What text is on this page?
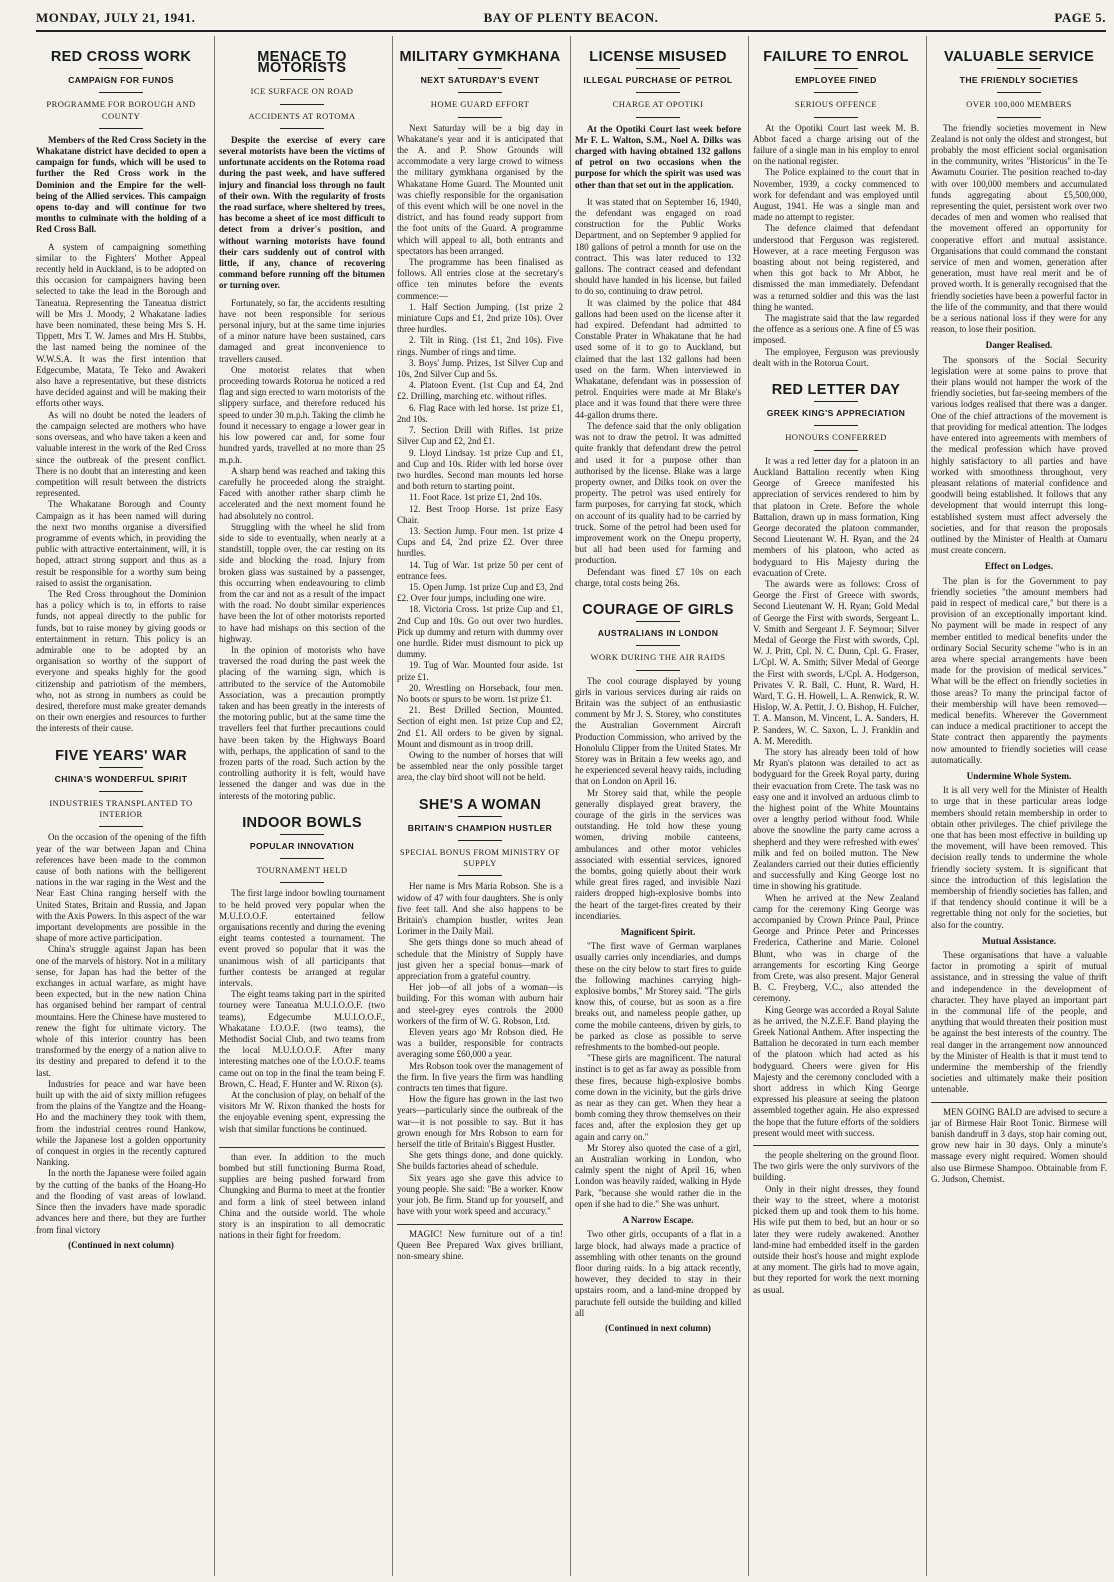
MONDAY, JULY 21, 1941.	BAY OF PLENTY BEACON.	PAGE 5.
RED CROSS WORK
CAMPAIGN FOR FUNDS
PROGRAMME FOR BOROUGH AND COUNTY

Members of the Red Cross Society in the Whakatane district have decided to open a campaign for funds, which will be used to further the Red Cross work in the Dominion and the Empire for the well-being of the Allied services. This campaign opens to-day and will continue for two months to culminate with the holding of a Red Cross Ball.

A system of campaigning something similar to the Fighters' Mother Appeal recently held in Auckland, is to be adopted on this occasion for campaigners having been selected to take the lead in the Borough and Taneatua. Representing the Taneatua district will be Mrs J. Moody, 2 Whakatane ladies have been nominated, these being Mrs S. H. Tippett, Mrs T. W. James and Mrs H. Stubbs, the last named being the nominee of the W.W.S.A. It was the first intention that Edgecumbe, Matata, Te Teko and Awakeri also have a representative, but these districts have decided against and will be making their efforts other ways.

As will no doubt be noted the leaders of the campaign selected are mothers who have sons overseas, and who have taken a keen and valuable interest in the work of the Red Cross since the outbreak of the present conflict. There is no doubt that an interesting and keen competition will result between the districts represented.

The Whakatane Borough and County Campaign as it has been named will during the next two months organise a diversified programme of events which, in providing the public with attractive entertainment, will, it is hoped, attract strong support and thus as a result be responsible for a worthy sum being raised to assist the organisation.

The Red Cross throughout the Dominion has a policy which is to, in efforts to raise funds, not appeal directly to the public for funds, but to raise money by giving goods or entertainment in return. This policy is an admirable one to be adopted by an organisation so worthy of the support of everyone and speaks highly for the good citizenship and patriotism of the members, who, not as strong in numbers as could be desired, therefore must make greater demands on their own energies and resources to further the interests of their cause.

FIVE YEARS' WAR
CHINA'S WONDERFUL SPIRIT
INDUSTRIES TRANSPLANTED TO INTERIOR

On the occasion of the opening of the fifth year of the war between Japan and China references have been made to the common cause of both nations with the belligerent nations in the war raging in the West and the Near East China ranging herself with the United States, Britain and Russia, and Japan with the Axis Powers. In this aspect of the war important developments are possible in the shape of more active participation.

China's struggle against Japan has been one of the marvels of history. Not in a military sense, for Japan has had the better of the exchanges in actual warfare, as might have been expected, but in the new nation China has organised behind her rampart of central mountains. Here the Chinese have mustered to renew the fight for ultimate victory. The whole of this interior country has been transformed by the energy of a nation alive to its destiny and prepared to defend it to the last.

Industries for peace and war have been built up with the aid of sixty million refugees from the plains of the Yangtze and the Hoang-Ho and the machinery they took with them, from the industrial centres round Hankow, while the Japanese lost a golden opportunity of conquest in orgies in the recently captured Nanking.

In the north the Japanese were foiled again by the cutting of the banks of the Hoang-Ho and the flooding of vast areas of lowland. Since then the invaders have made sporadic advances here and there, but they are further from final victory

(Continued in next column)
MENACE TO MOTORISTS
ICE SURFACE ON ROAD
ACCIDENTS AT ROTOMA

Despite the exercise of every care several motorists have been the victims of unfortunate accidents on the Rotoma road during the past week, and have suffered injury and financial loss through no fault of their own. With the regularity of frosts the road surface, where sheltered by trees, has become a sheet of ice most difficult to detect from a driver's position, and without warning motorists have found their cars suddenly out of control with little, if any, chance of recovering command before running off the bitumen or turning over.

Fortunately, so far, the accidents resulting have not been responsible for serious personal injury, but at the same time injuries of a minor nature have been sustained, cars damaged and great inconvenience to travellers caused.

One motorist relates that when proceeding towards Rotorua he noticed a red flag and sign erected to warn motorists of the slippery surface, and therefore reduced his speed to under 30 m.p.h. Taking the climb he found it necessary to engage a lower gear in his low powered car and, for some four hundred yards, travelled at no more than 25 m.p.h.

A sharp bend was reached and taking this carefully he proceeded along the straight. Faced with another rather sharp climb he accelerated and the next moment found he had absolutely no control.

Struggling with the wheel he slid from side to side to eventually, when nearly at a standstill, topple over, the car resting on its side and blocking the road. Injury from broken glass was sustained by a passenger, this occurring when endeavouring to climb from the car and not as a result of the impact with the road. No doubt similar experiences have been the lot of other motorists reported to have had mishaps on this section of the highway.

In the opinion of motorists who have traversed the road during the past week the placing of the warning sign, which is attributed to the service of the Automobile Association, was a precaution promptly taken and has been greatly in the interests of the motoring public, but at the same time the travellers feel that further precautions could have been taken by the Highways Board with, perhaps, the application of sand to the frozen parts of the road. Such action by the controlling authority it is felt, would have lessened the danger and was due in the interests of the motoring public.

INDOOR BOWLS
POPULAR INNOVATION
TOURNAMENT HELD

The first large indoor bowling tournament to be held proved very popular when the M.U.I.O.O.F. entertained fellow organisations recently and during the evening eight teams contested a tournament. The event proved so popular that it was the unanimous wish of all participants that further contests be arranged at regular intervals.

The eight teams taking part in the spirited tourney were Taneatua M.U.I.O.O.F. (two teams), Edgecumbe M.U.I.O.O.F., Whakatane I.O.O.F. (two teams), the Methodist Social Club, and two teams from the local M.U.I.O.O.F. After many interesting matches one of the I.O.O.F. teams came out on top in the final the team being F. Brown, C. Head, F. Hunter and W. Rixon (s).

At the conclusion of play, on behalf of the visitors Mr W. Rixon thanked the hosts for the enjoyable evening spent, expressing the wish that similar functions be continued.

than ever. In addition to the much bombed but still functioning Burma Road, supplies are being pushed forward from Chungking and Burma to meet at the frontier and form a link of steel between inland China and the outside world. The whole story is an inspiration to all democratic nations in their fight for freedom.

MILITARY GYMKHANA
NEXT SATURDAY'S EVENT
HOME GUARD EFFORT

Next Saturday will be a big day in Whakatane's year and it is anticipated that the A. and P. Show Grounds will accommodate a very large crowd to witness the military gymkhana organised by the Whakatane Home Guard. The Mounted unit was chiefly responsible for the organisation of this event which will be one novel in the district, and has found ready support from the foot units of the Guard. A programme which will appeal to all, both entrants and spectators has been arranged.

The programme has been finalised as follows. All entries close at the secretary's office ten minutes before the events commence:—

1. Half Section Jumping. (1st prize 2 miniature Cups and £1, 2nd prize 10s). Over three hurdles.

2. Tilt in Ring. (1st £1, 2nd 10s). Five rings. Number of rings and time.

3. Boys' Jump. Prizes, 1st Silver Cup and 10s, 2nd Silver Cup and 5s.

4. Platoon Event. (1st Cup and £4, 2nd £2. Drilling, marching etc. without rifles.

6. Flag Race with led horse. 1st prize £1, 2nd 10s.

7. Section Drill with Rifles. 1st prize Silver Cup and £2, 2nd £1.

9. Lloyd Lindsay. 1st prize Cup and £1, and Cup and 10s. Rider with led horse over two hurdles. Second man mounts led horse and both return to starting point.

11. Foot Race. 1st prize £1, 2nd 10s.

12. Best Troop Horse. 1st prize Easy Chair.

13. Section Jump. Four men. 1st prize 4 Cups and £4, 2nd prize £2. Over three hurdles.

14. Tug of War. 1st prize 50 per cent of entrance fees.

15. Open Jump. 1st prize Cup and £3, 2nd £2. Over four jumps, including one wire.

18. Victoria Cross. 1st prize Cup and £1, 2nd Cup and 10s. Go out over two hurdles. Pick up dummy and return with dummy over one hurdle. Rider must dismount to pick up dummy.

19. Tug of War. Mounted four aside. 1st prize £1.

20. Wrestling on Horseback, four men. No boots or spurs to be worn. 1st prize £1.

21. Best Drilled Section, Mounted. Section of eight men. 1st prize Cup and £2, 2nd £1. All orders to be given by signal. Mount and dismount as in troop drill.

Owing to the number of horses that will be assembled near the only possible target area, the clay bird shoot will not be held.

SHE'S A WOMAN
BRITAIN'S CHAMPION HUSTLER
SPECIAL BONUS FROM MINISTRY OF SUPPLY

Her name is Mrs Maria Robson. She is a widow of 47 with four daughters. She is only five feet tall. And she also happens to be Britain's champion hustler, writes Jean Lorimer in the Daily Mail.

She gets things done so much ahead of schedule that the Ministry of Supply have just given her a special bonus—mark of appreciation from a grateful country.

Her job—of all jobs of a woman—is building. For this woman with auburn hair and steel-grey eyes controls the 2000 workers of the firm of W. G. Robson, Ltd.

Eleven years ago Mr Robson died. He was a builder, responsible for contracts averaging some £60,000 a year.

Mrs Robson took over the management of the firm. In five years the firm was handling contracts ten times that figure.

How the figure has grown in the last two years—particularly since the outbreak of the war—it is not possible to say. But it has grown enough for Mrs Robson to earn for herself the title of Britain's Biggest Hustler.

She gets things done, and done quickly. She builds factories ahead of schedule.

Six years ago she gave this advice to young people. She said: "Be a worker. Know your job. Be firm. Stand up for yourself, and have with your work speed and accuracy."

MAGIC! New furniture out of a tin! Queen Bee Prepared Wax gives brilliant, non-smeary shine.

LICENSE MISUSED
ILLEGAL PURCHASE OF PETROL
CHARGE AT OPOTIKI

At the Opotiki Court last week before Mr F. L. Walton, S.M., Noel A. Dilks was charged with having obtained 132 gallons of petrol on two occasions when the purpose for which the spirit was used was other than that set out in the application.

It was stated that on September 16, 1940, the defendant was engaged on road construction for the Public Works Department, and on September 9 applied for 180 gallons of petrol a month for use on the contract. This was later reduced to 132 gallons. The contract ceased and defendant should have handed in his license, but failed to do so, continuing to draw petrol.

It was claimed by the police that 484 gallons had been used on the license after it had expired. Defendant had admitted to Constable Prater in Whakatane that he had used some of it to go to Auckland, but claimed that the last 132 gallons had been used on the farm. When interviewed in Whakatane, defendant was in possession of petrol. Enquiries were made at Mr Blake's place and it was found that there were three 44-gallon drums there.

The defence said that the only obligation was not to draw the petrol. It was admitted quite frankly that defendant drew the petrol and used it for a purpose other than authorised by the license. Blake was a large property owner, and Dilks took on over the property. The petrol was used entirely for farm purposes, for carrying fat stock, which on account of its quality had to be carried by truck. Some of the petrol had been used for improvement work on the Onepu property, but all had been used for farming and production.

Defendant was fined £7 10s on each charge, total costs being 26s.

COURAGE OF GIRLS
AUSTRALIANS IN LONDON
WORK DURING THE AIR RAIDS

The cool courage displayed by young girls in various services during air raids on Britain was the subject of an enthusiastic comment by Mr J. S. Storey, who constitutes the Australian Government Aircraft Production Commission, who arrived by the Honolulu Clipper from the United States. Mr Storey was in Britain a few weeks ago, and he experienced several heavy raids, including that on London on April 16.

Mr Storey said that, while the people generally displayed great bravery, the courage of the girls in the services was outstanding. He told how these young women, driving mobile canteens, ambulances and other motor vehicles associated with essential services, ignored the bombs, going quietly about their work while great fires raged, and invisible Nazi raiders dropped high-explosive bombs into the heart of the target-fires created by their incendiaries.

Magnificent Spirit.

"The first wave of German warplanes usually carries only incendiaries, and dumps these on the city below to start fires to guide the following machines carrying high-explosive bombs," Mr Storey said. "The girls know this, of course, but as soon as a fire breaks out, and nameless people gather, up come the mobile canteens, driven by girls, to be parked as close as possible to serve refreshments to the bombed-out people.

"These girls are magnificent. The natural instinct is to get as far away as possible from these fires, because high-explosive bombs come down in the vicinity, but the girls drive as near as they can get. When they hear a bomb coming they throw themselves on their faces and, after the explosion they get up again and carry on."

Mr Storey also quoted the case of a girl, an Australian working in London, who calmly spent the night of April 16, when London was heavily raided, walking in Hyde Park, "because she would rather die in the open if she had to die." She was unhurt.

A Narrow Escape.

Two other girls, occupants of a flat in a large block, had always made a practice of assembling with other tenants on the ground floor during raids. In a big attack recently, however, they decided to stay in their upstairs room, and a land-mine dropped by parachute fell outside the building and killed all

(Continued in next column)
FAILURE TO ENROL
EMPLOYEE FINED
SERIOUS OFFENCE

At the Opotiki Court last week M. B. Abbot faced a charge arising out of the failure of a single man in his employ to enrol on the national register.

The Police explained to the court that in November, 1939, a cocky commenced to work for defendant and was employed until August, 1941. He was a single man and made no attempt to register.

The defence claimed that defendant understood that Ferguson was registered. However, at a race meeting Ferguson was boasting about not being registered, and when this got back to Mr Abbot, he dismissed the man immediately. Defendant was a returned soldier and this was the last thing he wanted.

The magistrate said that the law regarded the offence as a serious one. A fine of £5 was imposed.

The employee, Ferguson was previously dealt with in the Rotorua Court.

RED LETTER DAY
GREEK KING'S APPRECIATION
HONOURS CONFERRED

It was a red letter day for a platoon in an Auckland Battalion recently when King George of Greece manifested his appreciation of services rendered to him by that platoon in Crete. Before the whole Battalion, drawn up in mass formation, King George decorated the platoon commander, Second Lieutenant W. H. Ryan, and the 24 members of his platoon, who acted as bodyguard to His Majesty during the evacuation of Crete.

The awards were as follows: Cross of George the First of Greece with swords, Second Lieutenant W. H. Ryan; Gold Medal of George the First with swords, Sergeant L. V. Smith and Sergeant J. F. Seymour; Silver Medal of George the First with swords, Cpl. W. J. Pritt, Cpl. N. C. Dunn, Cpl. G. Fraser, L/Cpl. W. A. Smith; Silver Medal of George the First with swords, L/Cpl. A. Hodgerson, Privates V. R. Ball, C. Hunt, R. Ward, H. Ward, T. G. H. Howell, L. A. Renwick, R. W. Hislop, W. A. Pettit, J. O. Bishop, H. Fulcher, T. A. Manson, M. Vincent, L. A. Sanders, H. P. Sanders, W. C. Saxon, L. J. Franklin and A. M. Meredith.

The story has already been told of how Mr Ryan's platoon was detailed to act as bodyguard for the Greek Royal party, during their evacuation from Crete. The task was no easy one and it involved an arduous climb to the highest point of the White Mountains over a lengthy period without food. While above the snowline the party came across a shepherd and they were refreshed with ewes' milk and fed on boiled mutton. The New Zealanders carried out their duties efficiently and successfully and King George lost no time in showing his gratitude.

When he arrived at the New Zealand camp for the ceremony King George was accompanied by Crown Prince Paul, Prince George and Prince Peter and Princesses Frederica, Catherine and Marie. Colonel Blunt, who was in charge of the arrangements for escorting King George from Crete, was also present. Major General B. C. Freyberg, V.C., also attended the ceremony.

King George was accorded a Royal Salute as he arrived, the N.Z.E.F. Band playing the Greek National Anthem. After inspecting the Battalion he decorated in turn each member of the platoon which had acted as his bodyguard. Cheers were given for His Majesty and the ceremony concluded with a short address in which King George expressed his pleasure at seeing the platoon assembled together again. He also expressed the hope that the future efforts of the soldiers present would meet with success.

the people sheltering on the ground floor. The two girls were the only survivors of the building.

Only in their night dresses, they found their way to the street, where a motorist picked them up and took them to his home. His wife put them to bed, but an hour or so later they were rudely awakened. Another land-mine had embedded itself in the garden outside their host's house and might explode at any moment. The girls had to move again, but they reported for work the next morning as usual.

VALUABLE SERVICE
THE FRIENDLY SOCIETIES
OVER 100,000 MEMBERS

The friendly societies movement in New Zealand is not only the oldest and strongest, but probably the most efficient social organisation in the community, writes "Historicus" in the Te Awamutu Courier. The position reached to-day with over 100,000 members and accumulated funds aggregating about £5,500,000, representing the quiet, persistent work over two decades of men and women who realised that the movement offered an opportunity for cooperative effort and mutual assistance. Organisations that could command the constant service of men and women, generation after generation, must have real merit and be of proved worth. It is generally recognised that the friendly societies have been a powerful factor in the life of the community, and that there would be a serious national loss if they were for any reason, to lose their position.

Danger Realised.

The sponsors of the Social Security legislation were at some pains to prove that their plans would not hamper the work of the friendly societies, but far-seeing members of the various lodges realised that there was a danger. One of the chief attractions of the movement is that providing for medical attention. The lodges have entered into agreements with members of the medical profession which have proved highly satisfactory to all parties and have worked with smoothness throughout, very pleasant relations of material confidence and goodwill being established. It follows that any development that would interrupt this long-established system must affect adversely the societies, and for that reason the proposals outlined by the Minister of Health at Oamaru must create concern.

Effect on Lodges.

The plan is for the Government to pay friendly societies "the amount members had paid in respect of medical care," but there is a provision of an exceptionally important kind. No payment will be made in respect of any member entitled to medical benefits under the ordinary Social Security scheme "who is in an area where special arrangements have been made for the provision of medical services." What will be the effect on friendly societies in those areas? To many the principal factor of their membership will have been removed—medical benefits. Wherever the Government can induce a medical practitioner to accept the State contract then apparently the payments now amounted to friendly societies will cease automatically.

Undermine Whole System.

It is all very well for the Minister of Health to urge that in these particular areas lodge members should retain membership in order to obtain other privileges. The chief privilege the one that has been most effective in building up the movement, will have been removed. This decision really tends to undermine the whole friendly society system. It is significant that since the introduction of this legislation the membership of friendly societies has fallen, and if that tendency should continue it will be a regrettable thing not only for the societies, but also for the country.

Mutual Assistance.

These organisations that have a valuable factor in promoting a spirit of mutual assistance, and in stressing the value of thrift and independence in the development of character. They have played an important part in the communal life of the people, and anything that would threaten their position must be against the best interests of the country. The real danger in the arrangement now announced by the Minister of Health is that it must tend to undermine the membership of the friendly societies and ultimately make their position untenable.

MEN GOING BALD are advised to secure a jar of Birmese Hair Root Tonic. Birmese will banish dandruff in 3 days, stop hair coming out, grow new hair in 30 days. Only a minute's massage every night required. Women should also use Birmese Shampoo. Obtainable from F. G. Judson, Chemist.
